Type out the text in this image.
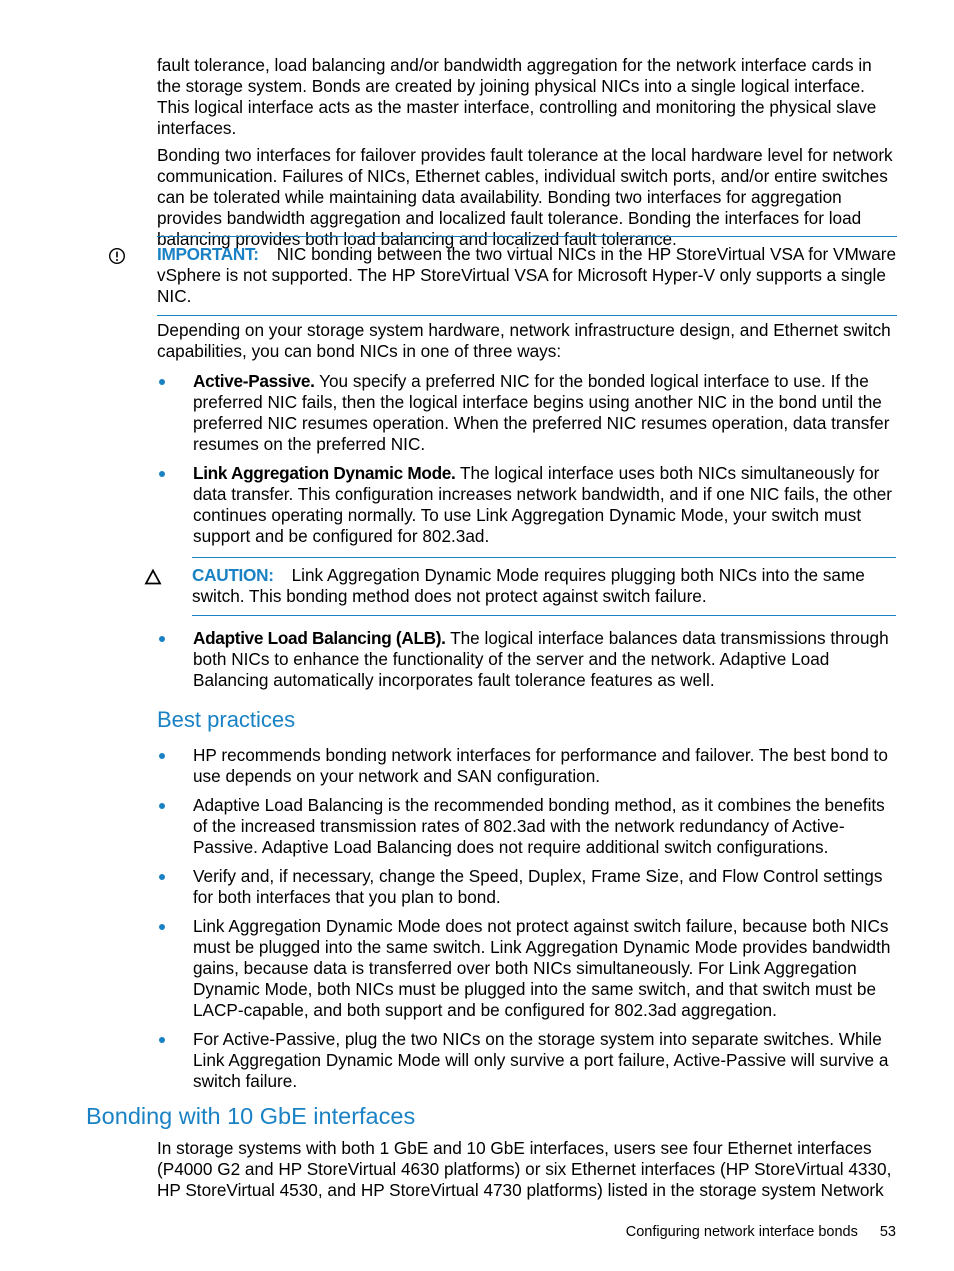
fault tolerance, load balancing and/or bandwidth aggregation for the network interface cards in the storage system. Bonds are created by joining physical NICs into a single logical interface. This logical interface acts as the master interface, controlling and monitoring the physical slave interfaces.

Bonding two interfaces for failover provides fault tolerance at the local hardware level for network communication. Failures of NICs, Ethernet cables, individual switch ports, and/or entire switches can be tolerated while maintaining data availability. Bonding two interfaces for aggregation provides bandwidth aggregation and localized fault tolerance. Bonding the interfaces for load balancing provides both load balancing and localized fault tolerance.

IMPORTANT: NIC bonding between the two virtual NICs in the HP StoreVirtual VSA for VMware vSphere is not supported. The HP StoreVirtual VSA for Microsoft Hyper-V only supports a single NIC.

Depending on your storage system hardware, network infrastructure design, and Ethernet switch capabilities, you can bond NICs in one of three ways:

Active-Passive. You specify a preferred NIC for the bonded logical interface to use. If the preferred NIC fails, then the logical interface begins using another NIC in the bond until the preferred NIC resumes operation. When the preferred NIC resumes operation, data transfer resumes on the preferred NIC.
Link Aggregation Dynamic Mode. The logical interface uses both NICs simultaneously for data transfer. This configuration increases network bandwidth, and if one NIC fails, the other continues operating normally. To use Link Aggregation Dynamic Mode, your switch must support and be configured for 802.3ad.
CAUTION: Link Aggregation Dynamic Mode requires plugging both NICs into the same switch. This bonding method does not protect against switch failure.
Adaptive Load Balancing (ALB). The logical interface balances data transmissions through both NICs to enhance the functionality of the server and the network. Adaptive Load Balancing automatically incorporates fault tolerance features as well.
Best practices
HP recommends bonding network interfaces for performance and failover. The best bond to use depends on your network and SAN configuration.
Adaptive Load Balancing is the recommended bonding method, as it combines the benefits of the increased transmission rates of 802.3ad with the network redundancy of Active-Passive. Adaptive Load Balancing does not require additional switch configurations.
Verify and, if necessary, change the Speed, Duplex, Frame Size, and Flow Control settings for both interfaces that you plan to bond.
Link Aggregation Dynamic Mode does not protect against switch failure, because both NICs must be plugged into the same switch. Link Aggregation Dynamic Mode provides bandwidth gains, because data is transferred over both NICs simultaneously. For Link Aggregation Dynamic Mode, both NICs must be plugged into the same switch, and that switch must be LACP-capable, and both support and be configured for 802.3ad aggregation.
For Active-Passive, plug the two NICs on the storage system into separate switches. While Link Aggregation Dynamic Mode will only survive a port failure, Active-Passive will survive a switch failure.
Bonding with 10 GbE interfaces

In storage systems with both 1 GbE and 10 GbE interfaces, users see four Ethernet interfaces (P4000 G2 and HP StoreVirtual 4630 platforms) or six Ethernet interfaces (HP StoreVirtual 4330, HP StoreVirtual 4530, and HP StoreVirtual 4730 platforms) listed in the storage system Network

Configuring network interface bonds 53
